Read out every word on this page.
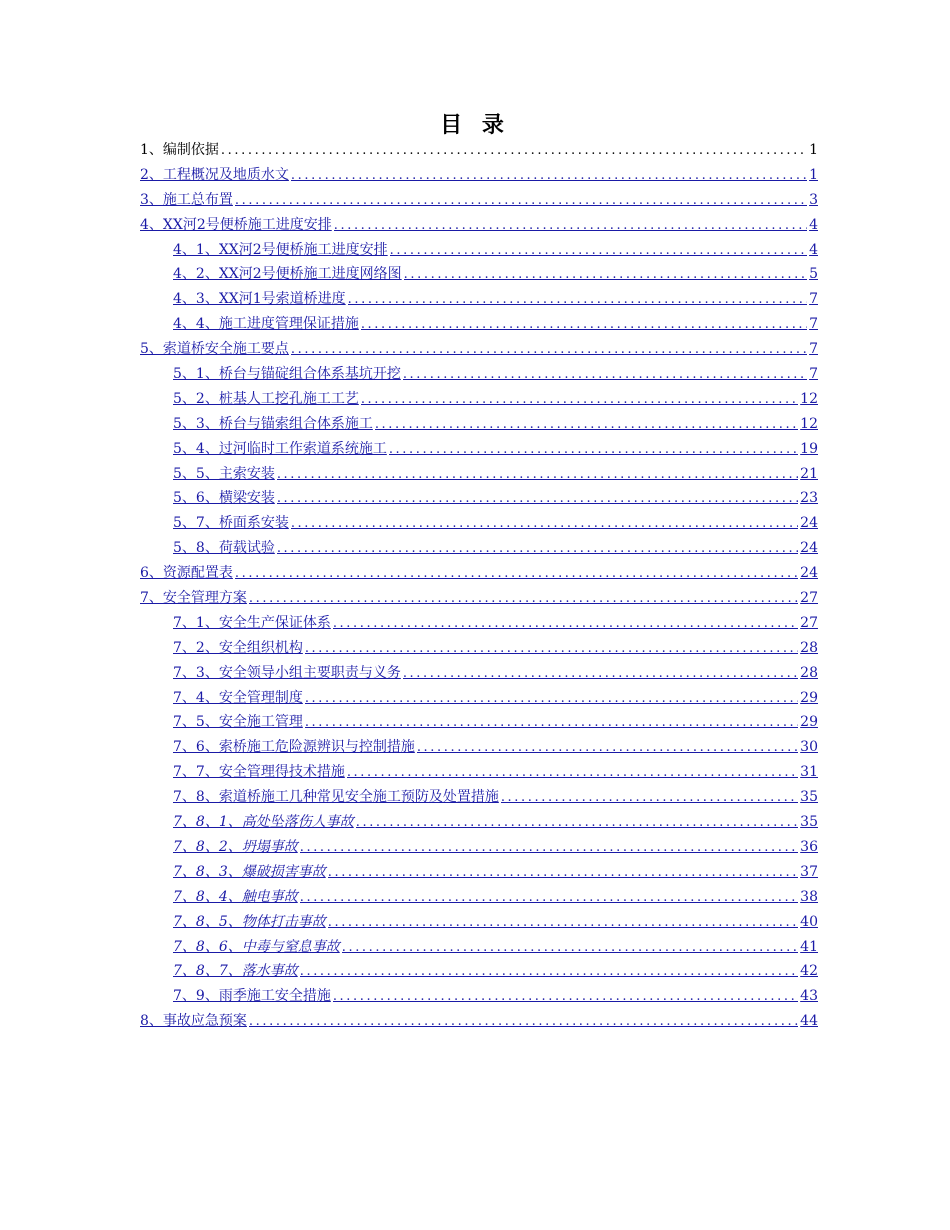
目 录
1、编制依据 .....	1
2、工程概况及地质水文 .....	1
3、施工总布置 .....	3
4、XX河2号便桥施工进度安排 .....	4
4、1、XX河2号便桥施工进度安排 .....	4
4、2、XX河2号便桥施工进度网络图 .....	5
4、3、XX河1号索道桥进度 .....	7
4、4、施工进度管理保证措施 .....	7
5、索道桥安全施工要点 .....	7
5、1、桥台与锚碇组合体系基坑开挖 .....	7
5、2、桩基人工挖孔施工工艺 .....	12
5、3、桥台与锚索组合体系施工 .....	12
5、4、过河临时工作索道系统施工 .....	19
5、5、主索安装 .....	21
5、6、横梁安装 .....	23
5、7、桥面系安装 .....	24
5、8、荷载试验 .....	24
6、资源配置表 .....	24
7、安全管理方案 .....	27
7、1、安全生产保证体系 .....	27
7、2、安全组织机构 .....	28
7、3、安全领导小组主要职责与义务 .....	28
7、4、安全管理制度 .....	29
7、5、安全施工管理 .....	29
7、6、索桥施工危险源辨识与控制措施 .....	30
7、7、安全管理得技术措施 .....	31
7、8、索道桥施工几种常见安全施工预防及处置措施 .....	35
7、8、1、高处坠落伤人事故 .....	35
7、8、2、坍塌事故 .....	36
7、8、3、爆破损害事故 .....	37
7、8、4、触电事故 .....	38
7、8、5、物体打击事故 .....	40
7、8、6、中毒与窒息事故 .....	41
7、8、7、落水事故 .....	42
7、9、雨季施工安全措施 .....	43
8、事故应急预案 .....	44
